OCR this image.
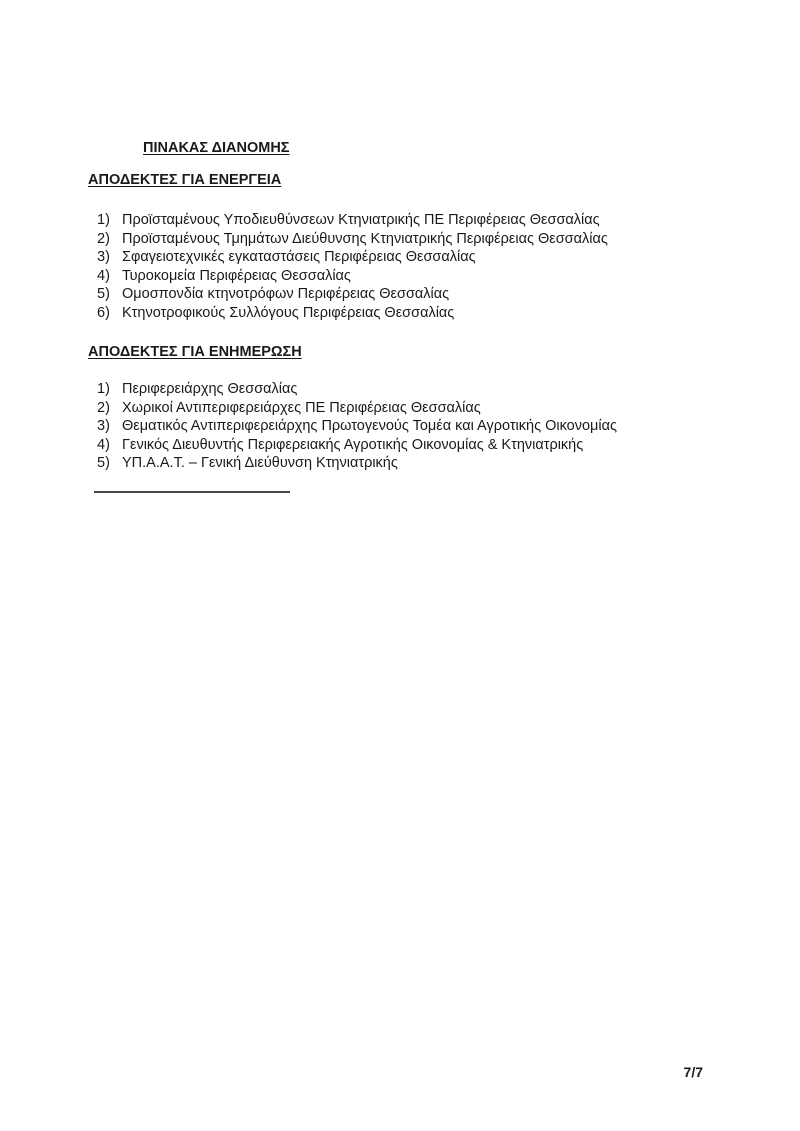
ΠΙΝΑΚΑΣ ΔΙΑΝΟΜΗΣ
ΑΠΟΔΕΚΤΕΣ ΓΙΑ ΕΝΕΡΓΕΙΑ
1) Προϊσταμένους Υποδιευθύνσεων Κτηνιατρικής ΠΕ Περιφέρειας Θεσσαλίας
2) Προϊσταμένους Τμημάτων Διεύθυνσης Κτηνιατρικής Περιφέρειας Θεσσαλίας
3) Σφαγειοτεχνικές εγκαταστάσεις Περιφέρειας Θεσσαλίας
4) Τυροκομεία Περιφέρειας Θεσσαλίας
5) Ομοσπονδία κτηνοτρόφων Περιφέρειας Θεσσαλίας
6) Κτηνοτροφικούς Συλλόγους Περιφέρειας Θεσσαλίας
ΑΠΟΔΕΚΤΕΣ ΓΙΑ ΕΝΗΜΕΡΩΣΗ
1) Περιφερειάρχης Θεσσαλίας
2) Χωρικοί Αντιπεριφερειάρχες ΠΕ Περιφέρειας Θεσσαλίας
3) Θεματικός Αντιπεριφερειάρχης Πρωτογενούς Τομέα και Αγροτικής Οικονομίας
4) Γενικός Διευθυντής Περιφερειακής Αγροτικής Οικονομίας & Κτηνιατρικής
5) ΥΠ.Α.Α.Τ. – Γενική Διεύθυνση Κτηνιατρικής
7/7
